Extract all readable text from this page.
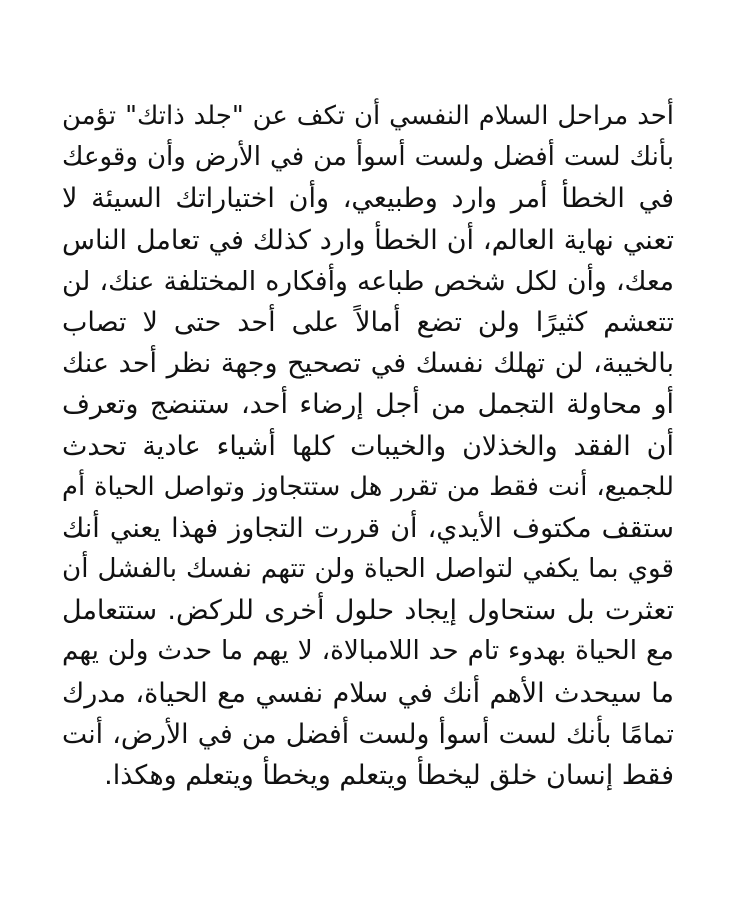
أحد مراحل السلام النفسي أن تكف عن "جلد ذاتك" تؤمن
بأنك لست أفضل ولست أسوأ من في الأرض وأن وقوعك
في الخطأ أمر وارد وطبيعي، وأن اختياراتك السيئة لا
تعني نهاية العالم، أن الخطأ وارد كذلك في تعامل الناس
معك، وأن لكل شخص طباعه وأفكاره المختلفة عنك، لن
تتعشم كثيرًا ولن تضع أمالاً على أحد حتى لا تصاب
بالخيبة، لن تهلك نفسك في تصحيح وجهة نظر أحد عنك
أو محاولة التجمل من أجل إرضاء أحد، ستنضج وتعرف
أن الفقد والخذلان والخيبات كلها أشياء عادية تحدث
للجميع، أنت فقط من تقرر هل ستتجاوز وتواصل الحياة أم
ستقف مكتوف الأيدي، أن قررت التجاوز فهذا يعني أنك
قوي بما يكفي لتواصل الحياة ولن تتهم نفسك بالفشل أن
تعثرت بل ستحاول إيجاد حلول أخرى للركض. ستتعامل
مع الحياة بهدوء تام حد اللامبالاة، لا يهم ما حدث ولن يهم
ما سيحدث الأهم أنك في سلام نفسي مع الحياة، مدرك
تمامًا بأنك لست أسوأ ولست أفضل من في الأرض، أنت
فقط إنسان خلق ليخطأ ويتعلم ويخطأ ويتعلم وهكذا.
